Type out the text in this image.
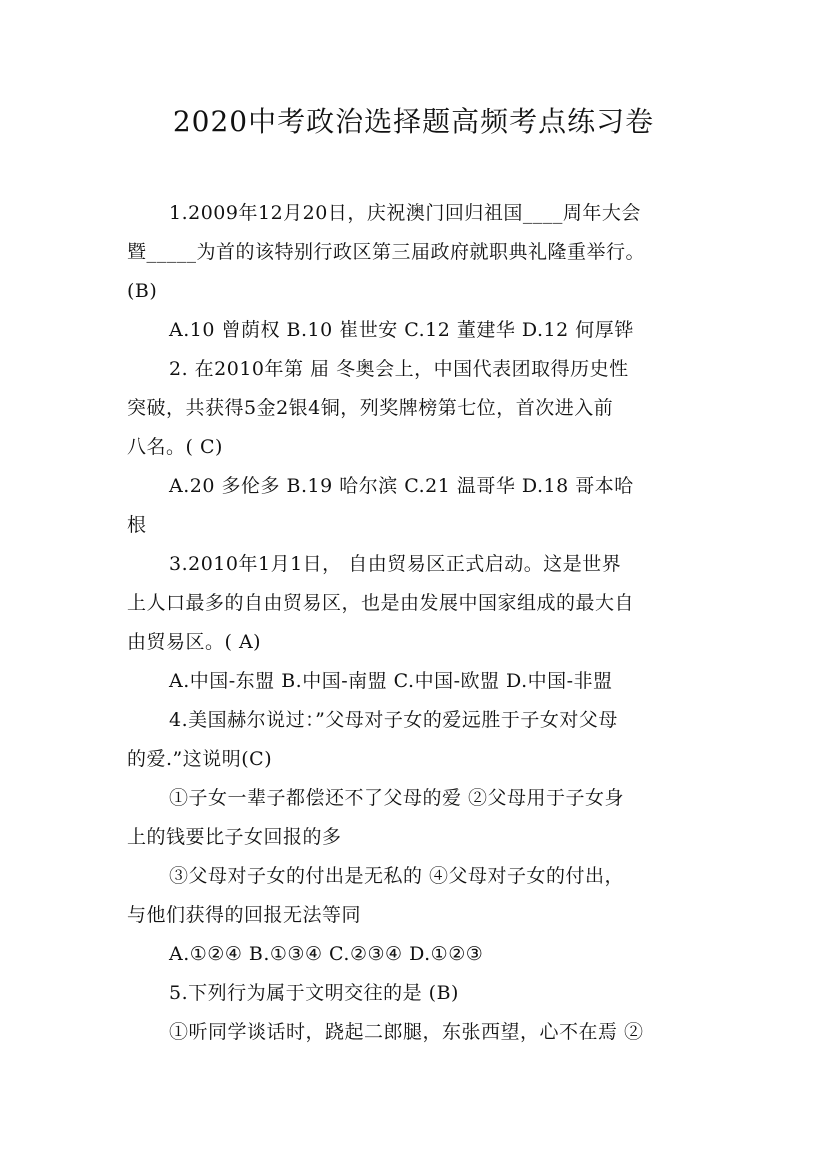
2020中考政治选择题高频考点练习卷
1.2009年12月20日，庆祝澳门回归祖国____周年大会
暨_____为首的该特别行政区第三届政府就职典礼隆重举行。
(B)
A.10 曾荫权 B.10 崔世安 C.12 董建华 D.12 何厚铧
2. 在2010年第 届 冬奥会上，中国代表团取得历史性
突破，共获得5金2银4铜，列奖牌榜第七位，首次进入前
八名。( C)
A.20 多伦多 B.19 哈尔滨 C.21 温哥华 D.18 哥本哈
根
3.2010年1月1日， 自由贸易区正式启动。这是世界
上人口最多的自由贸易区，也是由发展中国家组成的最大自
由贸易区。( A)
A.中国-东盟 B.中国-南盟 C.中国-欧盟 D.中国-非盟
4.美国赫尔说过：”父母对子女的爱远胜于子女对父母
的爱.”这说明(C)
①子女一辈子都偿还不了父母的爱 ②父母用于子女身
上的钱要比子女回报的多
③父母对子女的付出是无私的 ④父母对子女的付出，
与他们获得的回报无法等同
A.①②④ B.①③④ C.②③④ D.①②③
5.下列行为属于文明交往的是 (B)
①听同学谈话时，跷起二郎腿，东张西望，心不在焉 ②
